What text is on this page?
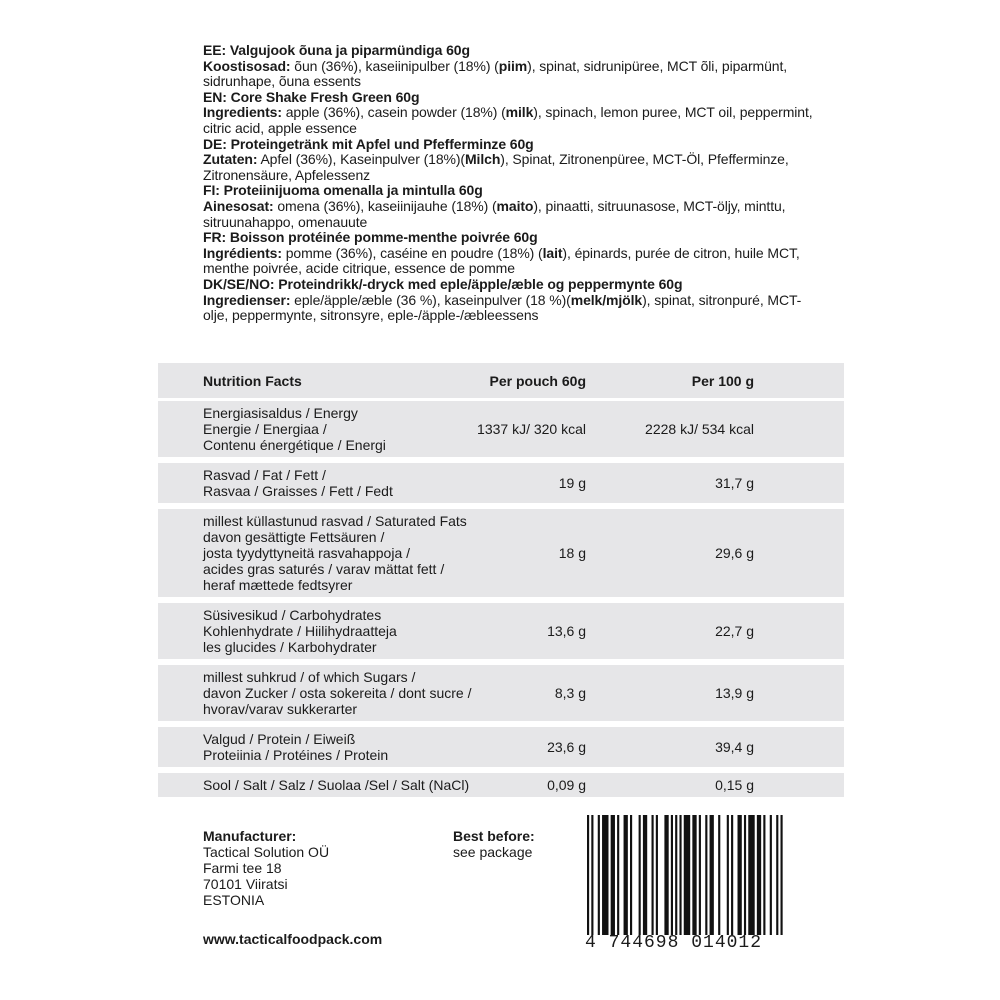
EE: Valgujook õuna ja piparmündiga 60g

Koostisosad: õun (36%), kaseiinipulber (18%) (piim), spinat, sidrunipüree, MCT õli, piparmünt, sidrunhape, õuna essents

EN: Core Shake Fresh Green 60g

Ingredients: apple (36%), casein powder (18%) (milk), spinach, lemon puree, MCT oil, peppermint, citric acid, apple essence

DE: Proteingetränk mit Apfel und Pfefferminze 60g

Zutaten: Apfel (36%), Kaseinpulver (18%)(Milch), Spinat, Zitronenpüree, MCT-Öl, Pfefferminze, Zitronensäure, Apfelessenz

FI: Proteiinijuoma omenalla ja mintulla 60g

Ainesosat: omena (36%), kaseiinijauhe (18%) (maito), pinaatti, sitruunasose, MCT-öljy, minttu, sitruunahappo, omenauute

FR: Boisson protéinée pomme-menthe poivrée 60g

Ingrédients: pomme (36%), caséine en poudre (18%) (lait), épinards, purée de citron, huile MCT, menthe poivrée, acide citrique, essence de pomme

DK/SE/NO: Proteindrikk/-dryck med eple/äpple/æble og peppermynte 60g

Ingredienser: eple/äpple/æble (36 %), kaseinpulver (18 %)(melk/mjölk), spinat, sitronpuré, MCT-olje, peppermynte, sitronsyre, eple-/äpple-/æbleessens

Nutrition Facts	Per pouch 60g	Per 100 g
Energiasisaldus / Energy
Energie / Energiaa /
Contenu énergétique / Energi
1337 kJ/ 320 kcal	2228 kJ/ 534 kcal
Rasvad / Fat / Fett /
Rasvaa / Graisses / Fett / Fedt	19 g	31,7 g
millest küllastunud rasvad / Saturated Fats
davon gesättigte Fettsäuren /
josta tyydyttyneitä rasvahappoja /
acides gras saturés / varav mättat fett /
heraf mættede fedtsyrer
18 g	29,6 g
Süsivesikud / Carbohydrates
Kohlenhydrate / Hiilihydraatteja
les glucides / Karbohydrater
13,6 g	22,7 g
millest suhkrud / of which Sugars /
davon Zucker / osta sokereita / dont sucre /
hvorav/varav sukkerarter
8,3 g	13,9 g
Valgud / Protein / Eiweiß
Proteiinia / Protéines / Protein	23,6 g	39,4 g
Sool / Salt / Salz / Suolaa /Sel / Salt (NaCl)	0,09 g	0,15 g
Manufacturer:
Tactical Solution OÜ
Farmi tee 18
70101 Viiratsi
ESTONIA
Best before:
see package
www.tacticalfoodpack.com	4 744698 014012
